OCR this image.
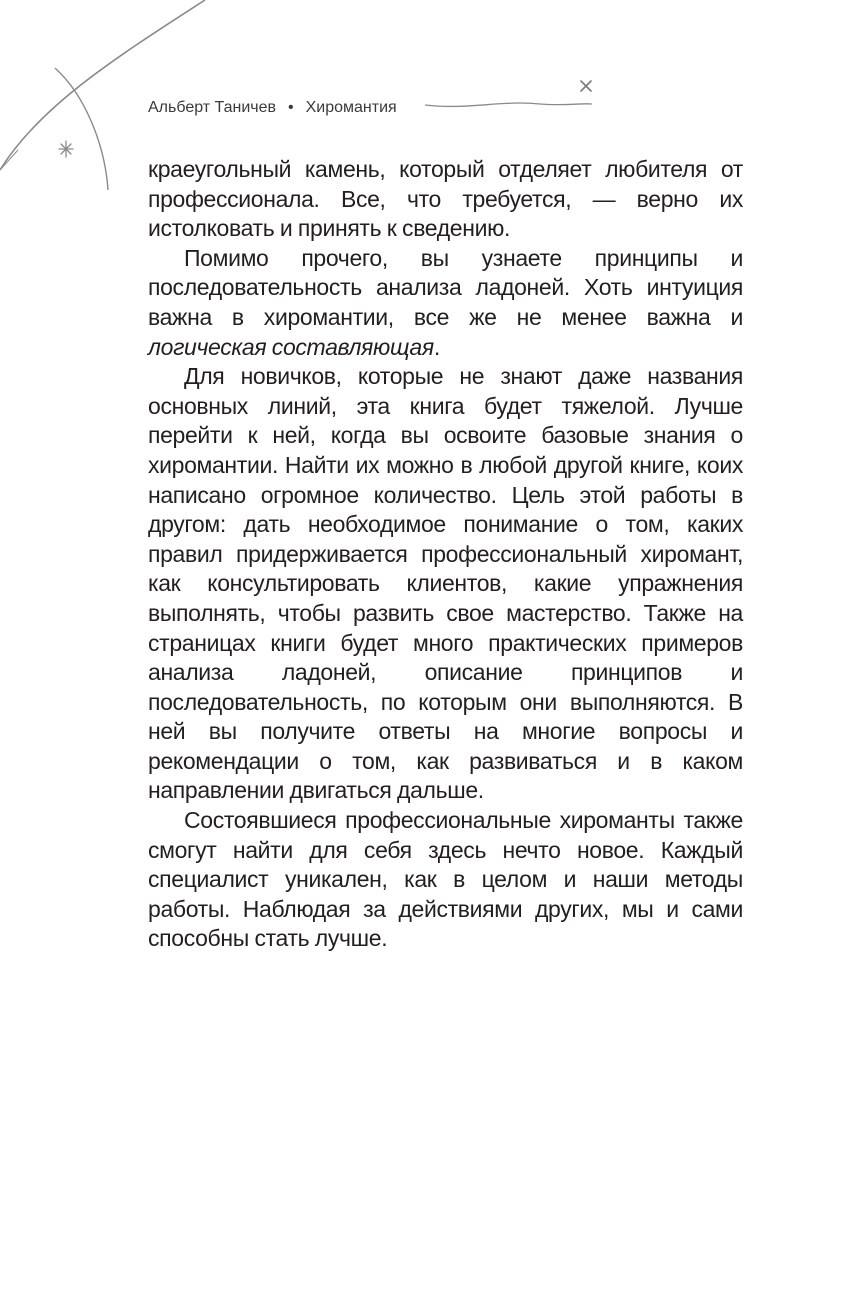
Альберт Таничев • Хиромантия

краеугольный камень, который отделяет любителя от профессионала. Все, что требуется, — верно их истолковать и принять к сведению.

Помимо прочего, вы узнаете принципы и последовательность анализа ладоней. Хоть интуиция важна в хиромантии, все же не менее важна и логическая составляющая.

Для новичков, которые не знают даже названия основных линий, эта книга будет тяжелой. Лучше перейти к ней, когда вы освоите базовые знания о хиромантии. Найти их можно в любой другой книге, коих написано огромное количество. Цель этой работы в другом: дать необходимое понимание о том, каких правил придерживается профессиональный хиромант, как консультировать клиентов, какие упражнения выполнять, чтобы развить свое мастерство. Также на страницах книги будет много практических примеров анализа ладоней, описание принципов и последовательность, по которым они выполняются. В ней вы получите ответы на многие вопросы и рекомендации о том, как развиваться и в каком направлении двигаться дальше.

Состоявшиеся профессиональные хироманты также смогут найти для себя здесь нечто новое. Каждый специалист уникален, как в целом и наши методы работы. Наблюдая за действиями других, мы и сами способны стать лучше.
